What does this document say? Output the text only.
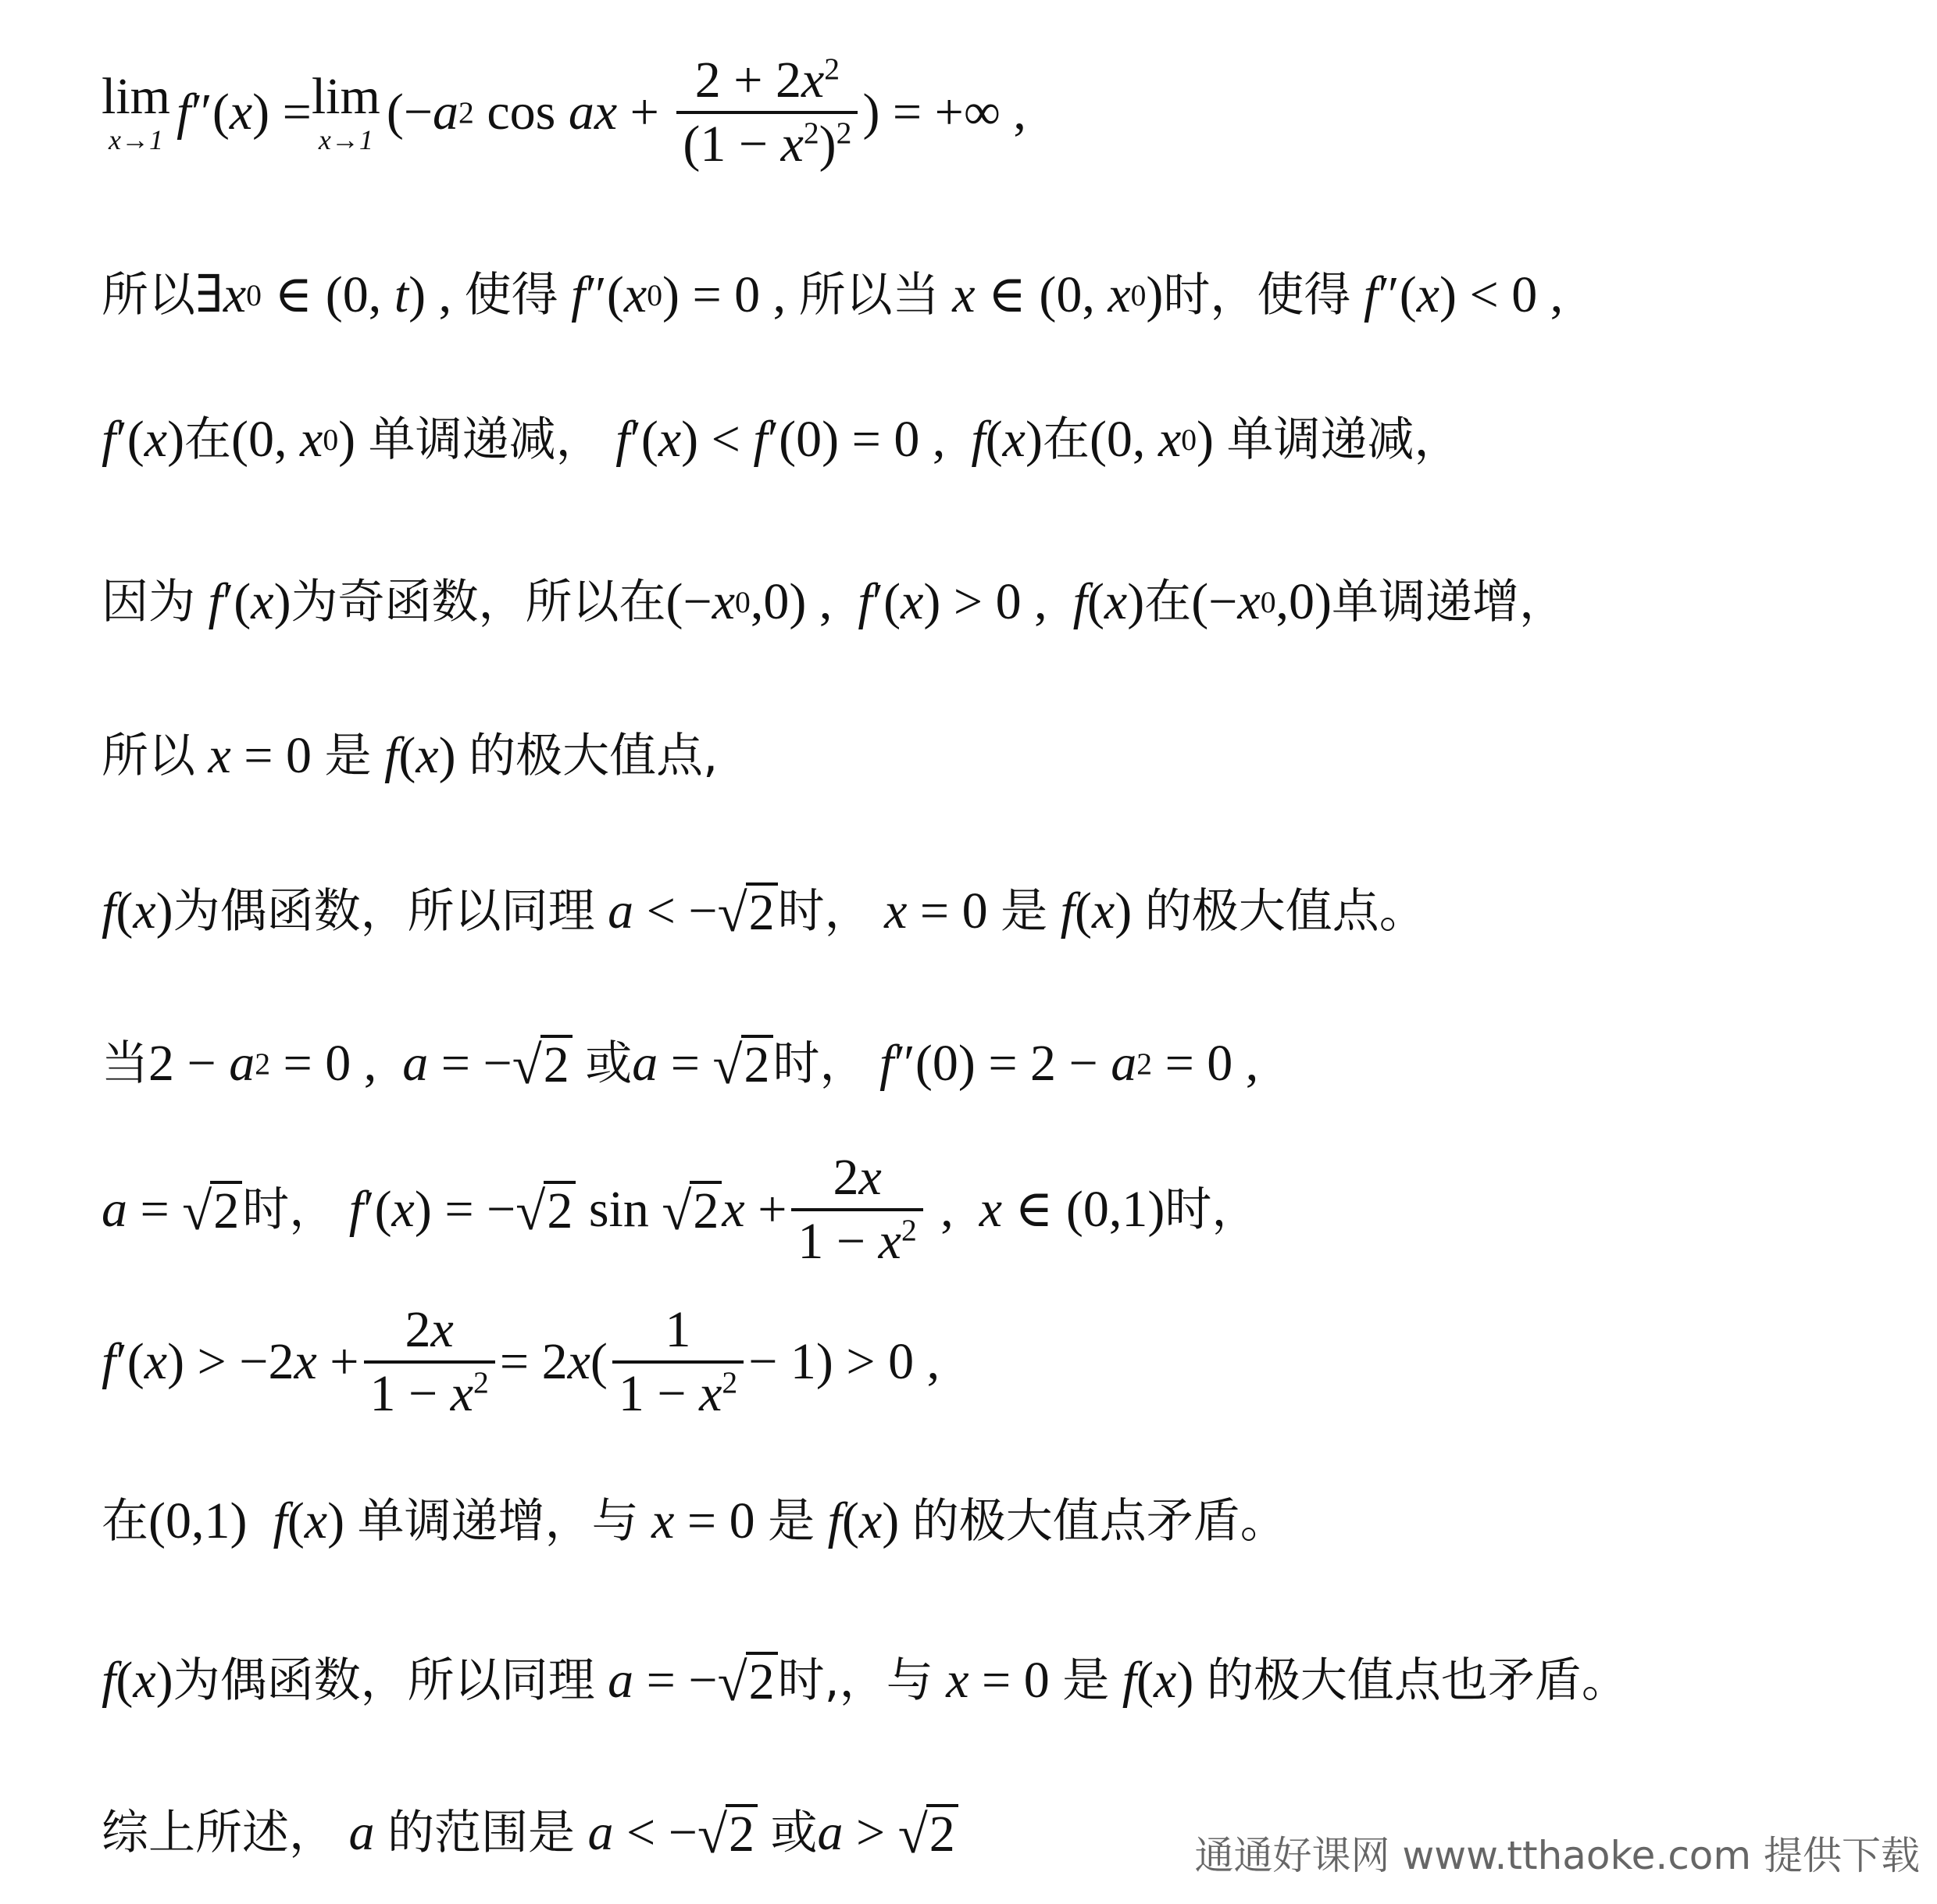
lim
x→1 f ″( x ) = lim
x→1 (− a 2 cos ax + $\frac{2 + 2x^2}{(1 - x^2)^2}$ ) = +∞ ,
所以 ∃ x 0 ∈ (0, t ) , 使得
f ″( x 0 ) = 0 , 所以当
x ∈ (0, x 0 ) 时 ， 使得
f ″( x ) < 0 ,
f ′( x ) 在 (0, x 0 ) 单调递减 ，
f ′( x ) < f ′(0) = 0 , f ( x ) 在 (0, x 0 ) 单调递减 ，
因为
f ′( x ) 为奇函数 ， 所以在 (− x 0 ,0) , f ′( x ) > 0 , f ( x ) 在 (− x 0 ,0) 单调递增 ，
所以
x = 0 是
f ( x ) 的极大值点 ,
f ( x ) 为偶函数 ， 所以同理
a < − √ 2 时 ，
x = 0 是
f ( x ) 的极大值点 。
当 2 − a 2 = 0 , a = − √ 2
或 a = √ 2 时 ，
f ″(0) = 2 − a 2 = 0 ,
a = √ 2 时 ，
f ′( x ) = − √ 2 sin √ 2 $x + \frac{2x}{1 - x^2}$ , x ∈ (0,1) 时 ，
f ′( x ) > −2 $x + \frac{2x}{1 - x^2} = 2$ x ( $\frac{1}{1 - x^2} - 1) > 0$ ,
在 (0,1) f ( x ) 单调递增 ， 与
x = 0 是
f ( x ) 的极大值点 矛盾 。
f ( x ) 为偶函数 ， 所以同理
a = − √ 2 时 ,， 与
x = 0 是
f ( x ) 的极大值点 也矛盾 。
综上所述 ，
a
的范围是
a < − √ 2
或 a > √ 2	通通好课网 www.tthaoke.com 提供下载
